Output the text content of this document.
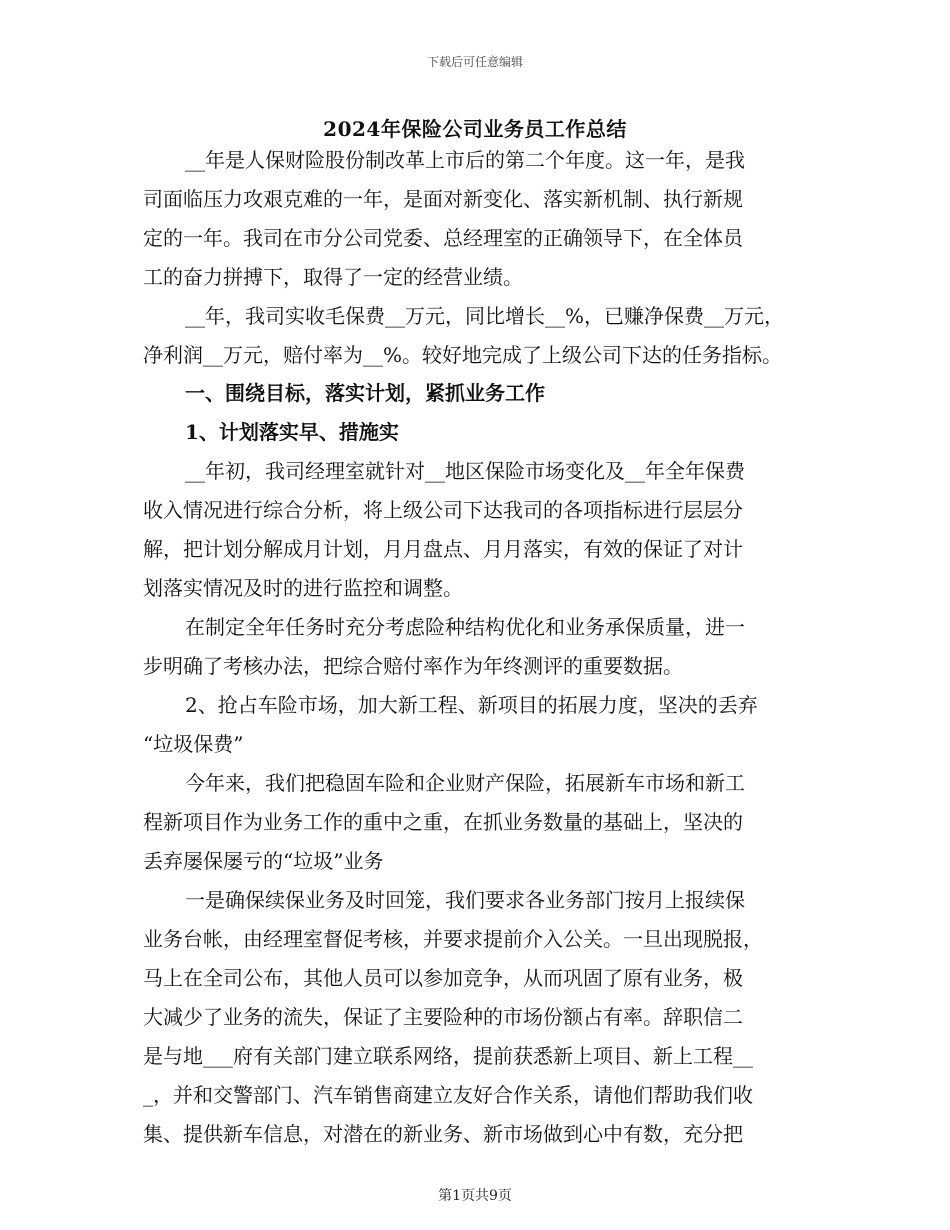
下载后可任意编辑
2024年保险公司业务员工作总结
__年是人保财险股份制改革上市后的第二个年度。这一年，是我
司面临压力攻艰克难的一年，是面对新变化、落实新机制、执行新规
定的一年。我司在市分公司党委、总经理室的正确领导下，在全体员
工的奋力拼搏下，取得了一定的经营业绩。
__年，我司实收毛保费__万元，同比增长__%，已赚净保费__万元，
净利润__万元，赔付率为__%。较好地完成了上级公司下达的任务指标。
一、围绕目标，落实计划，紧抓业务工作
1、计划落实早、措施实
__年初，我司经理室就针对__地区保险市场变化及__年全年保费
收入情况进行综合分析，将上级公司下达我司的各项指标进行层层分
解，把计划分解成月计划，月月盘点、月月落实，有效的保证了对计
划落实情况及时的进行监控和调整。
在制定全年任务时充分考虑险种结构优化和业务承保质量，进一
步明确了考核办法，把综合赔付率作为年终测评的重要数据。
2、抢占车险市场，加大新工程、新项目的拓展力度，坚决的丢弃
“垃圾保费”
今年来，我们把稳固车险和企业财产保险，拓展新车市场和新工
程新项目作为业务工作的重中之重，在抓业务数量的基础上，坚决的
丢弃屡保屡亏的“垃圾”业务
一是确保续保业务及时回笼，我们要求各业务部门按月上报续保
业务台帐，由经理室督促考核，并要求提前介入公关。一旦出现脱报，
马上在全司公布，其他人员可以参加竞争，从而巩固了原有业务，极
大减少了业务的流失，保证了主要险种的市场份额占有率。辞职信二
是与地___府有关部门建立联系网络，提前获悉新上项目、新上工程__
_，并和交警部门、汽车销售商建立友好合作关系，请他们帮助我们收
集、提供新车信息，对潜在的新业务、新市场做到心中有数，充分把
第1页共9页
